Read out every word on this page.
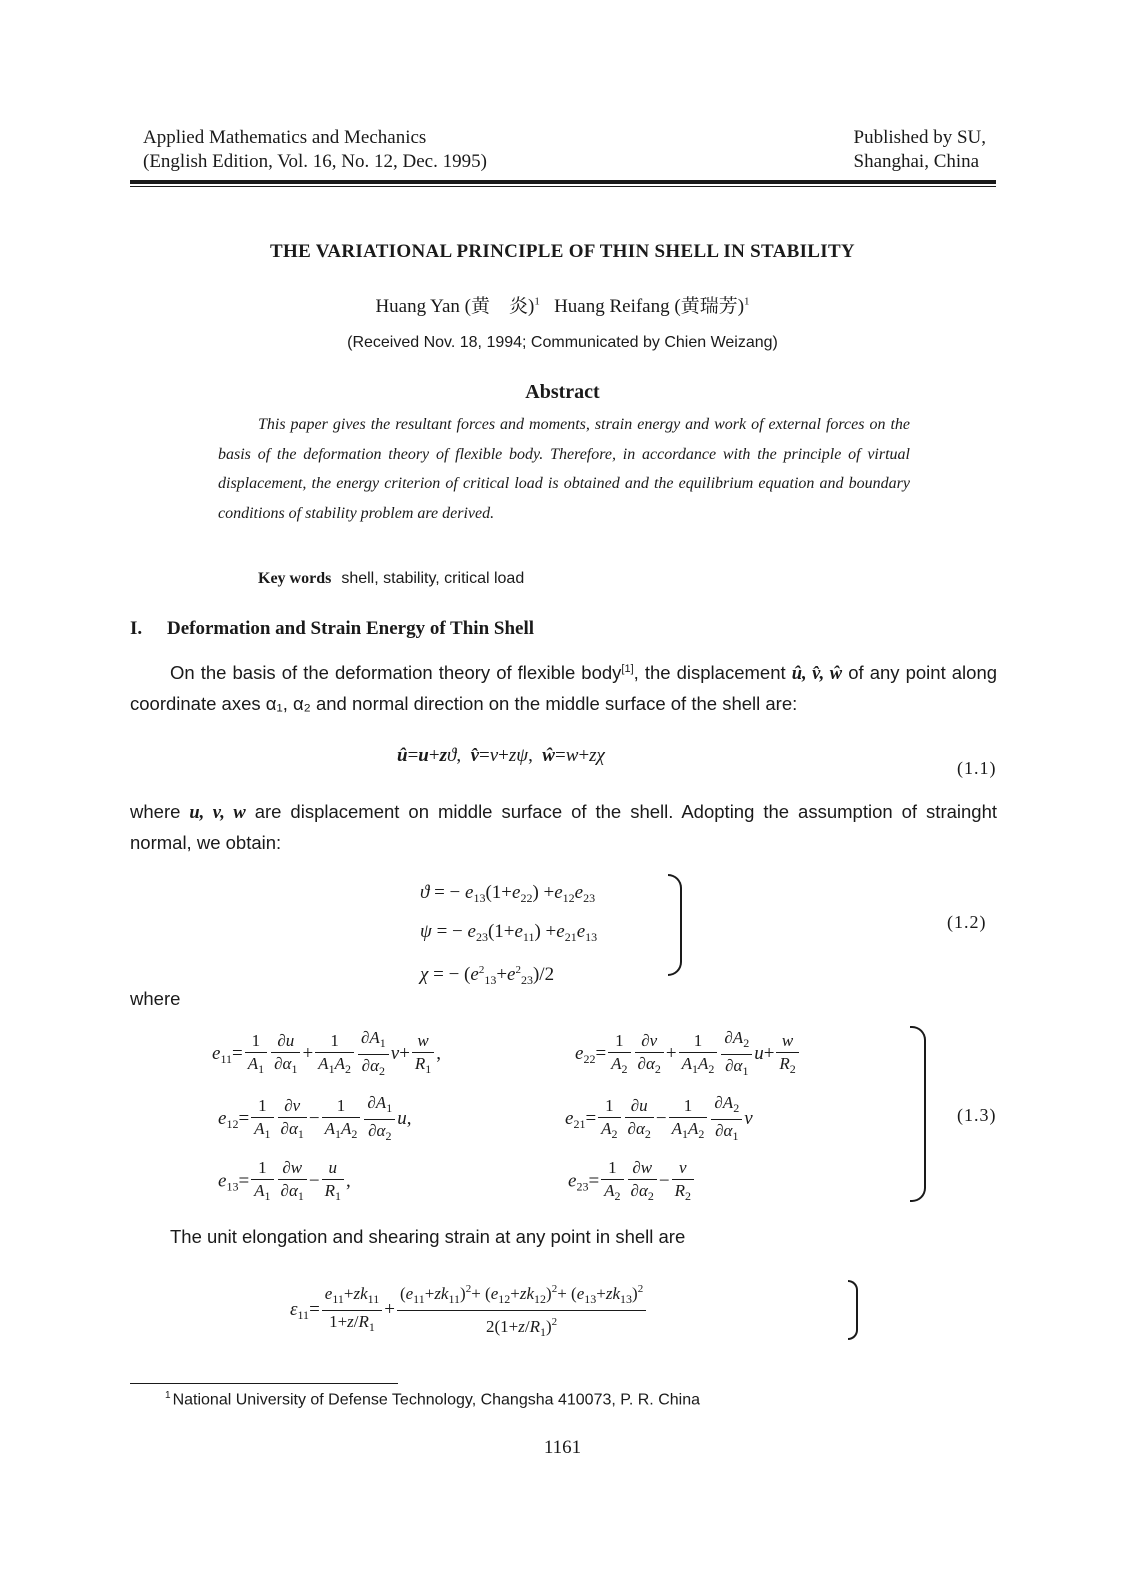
Applied Mathematics and Mechanics
(English Edition, Vol. 16, No. 12, Dec. 1995)
Published by SU,
Shanghai, China
THE VARIATIONAL PRINCIPLE OF THIN SHELL IN STABILITY
Huang Yan (黄　炎)$^1$ Huang Reifang (黄瑞芳)$^1$
(Received Nov. 18, 1994; Communicated by Chien Weizang)
Abstract
This paper gives the resultant forces and moments, strain energy and work of external forces on the basis of the deformation theory of flexible body. Therefore, in accordance with the principle of virtual displacement, the energy criterion of critical load is obtained and the equilibrium equation and boundary conditions of stability problem are derived.
Key words shell, stability, critical load
I. Deformation and Strain Energy of Thin Shell
On the basis of the deformation theory of flexible body[1], the displacement û, v̂, ŵ of any point along coordinate axes α₁, α₂ and normal direction on the middle surface of the shell are:
û=u+zϑ,  v̂=v+zψ,  ŵ=w+zχ
(1.1)
where u, v, w are displacement on middle surface of the shell. Adopting the assumption of strainght normal, we obtain:
ϑ = − $e_{13}(1+e_{22}) +e_{12}e_{23}$
ψ = − $e_{23}(1+e_{11}) +e_{21}e_{13}$
χ = − $(e^2_{13}+e^2_{23})/2$
(1.2)
where
$e_{11}= \frac{1}{A_1} \frac{\partial u}{\partial\alpha_1} + \frac{1}{A_1A_2} \frac{\partial A_1}{\partial\alpha_2} v+ \frac{w}{R_1}$ ,	$e_{22}= \frac{1}{A_2} \frac{\partial v}{\partial\alpha_2} + \frac{1}{A_1A_2} \frac{\partial A_2}{\partial\alpha_1} u+ \frac{w}{R_2}$
$e_{12}= \frac{1}{A_1} \frac{\partial v}{\partial\alpha_1} - \frac{1}{A_1A_2} \frac{\partial A_1}{\partial\alpha_2} u$,	$e_{21}= \frac{1}{A_2} \frac{\partial u}{\partial\alpha_2} - \frac{1}{A_1A_2} \frac{\partial A_2}{\partial\alpha_1}$ v
$e_{13}= \frac{1}{A_1} \frac{\partial w}{\partial\alpha_1} - \frac{u}{R_1}$ ,	$e_{23}= \frac{1}{A_2} \frac{\partial w}{\partial\alpha_2} - \frac{v}{R_2}$
(1.3)
The unit elongation and shearing strain at any point in shell are
$\varepsilon_{11}= \frac{e_{11}+zk_{11}}{1+z/R_1} + \frac{(e_{11}+zk_{11})^2+ (e_{12}+zk_{12})^2+ (e_{13}+zk_{13})^2}{2(1+z/R_1)^2}$
$^1$ National University of Defense Technology, Changsha 410073, P. R. China
1161
